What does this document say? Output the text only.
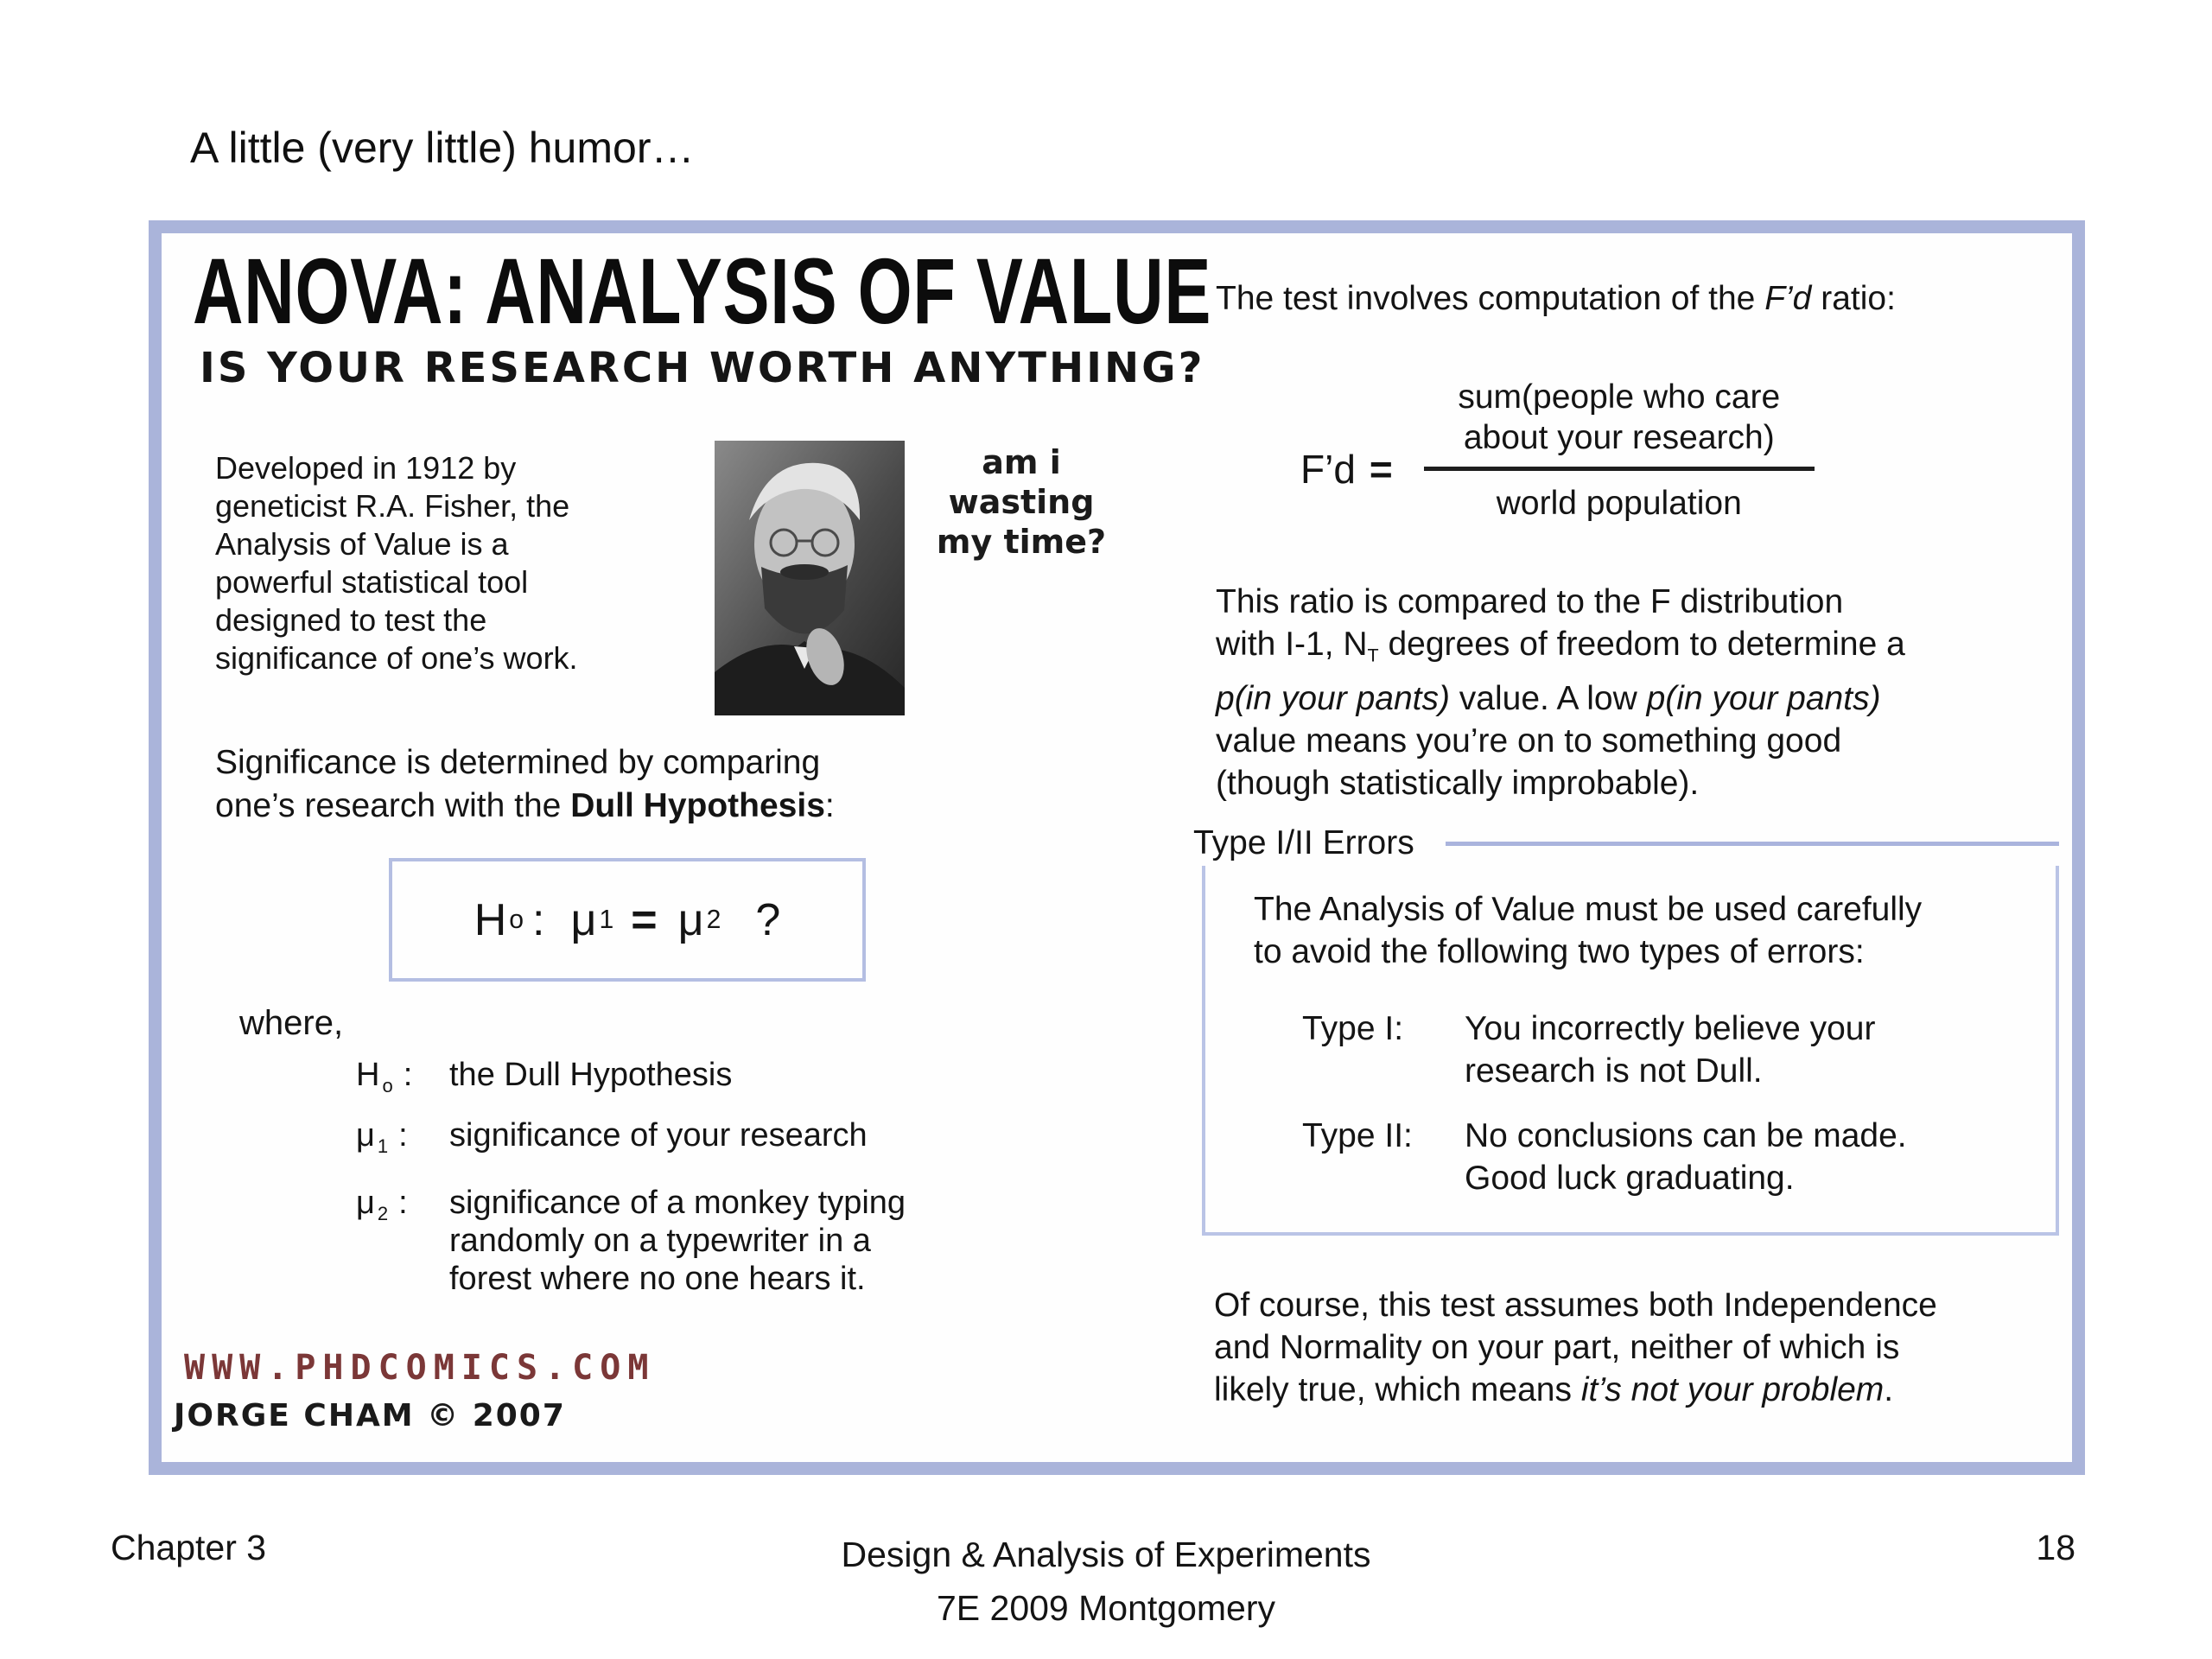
A little (very little) humor…
ANOVA: ANALYSIS OF VALUE
IS YOUR RESEARCH WORTH ANYTHING?
Developed in 1912 by
geneticist R.A. Fisher, the
Analysis of Value is a
powerful statistical tool
designed to test the
significance of one’s work.
am i
wasting
my time?
Significance is determined by comparing
one’s research with the Dull Hypothesis:
H o : μ 1 = μ 2 ?
where,
H $_o$ :	the Dull Hypothesis
μ $_1$ :	significance of your research
μ $_2$ :	significance of a monkey typing
randomly on a typewriter in a
forest where no one hears it.
WWW.PHDCOMICS.COM
JORGE CHAM © 2007
The test involves computation of the F’d ratio:
F’d =
sum(people who care
about your research)
world population
This ratio is compared to the F distribution
with I-1, NT degrees of freedom to determine a
p(in your pants) value. A low p(in your pants)
value means you’re on to something good
(though statistically improbable).
Type I/II Errors
The Analysis of Value must be used carefully
to avoid the following two types of errors:
Type I:	You incorrectly believe your
research is not Dull.
Type II:	No conclusions can be made.
Good luck graduating.
Of course, this test assumes both Independence
and Normality on your part, neither of which is
likely true, which means it’s not your problem.
Chapter 3	Design & Analysis of Experiments
7E 2009 Montgomery
18
